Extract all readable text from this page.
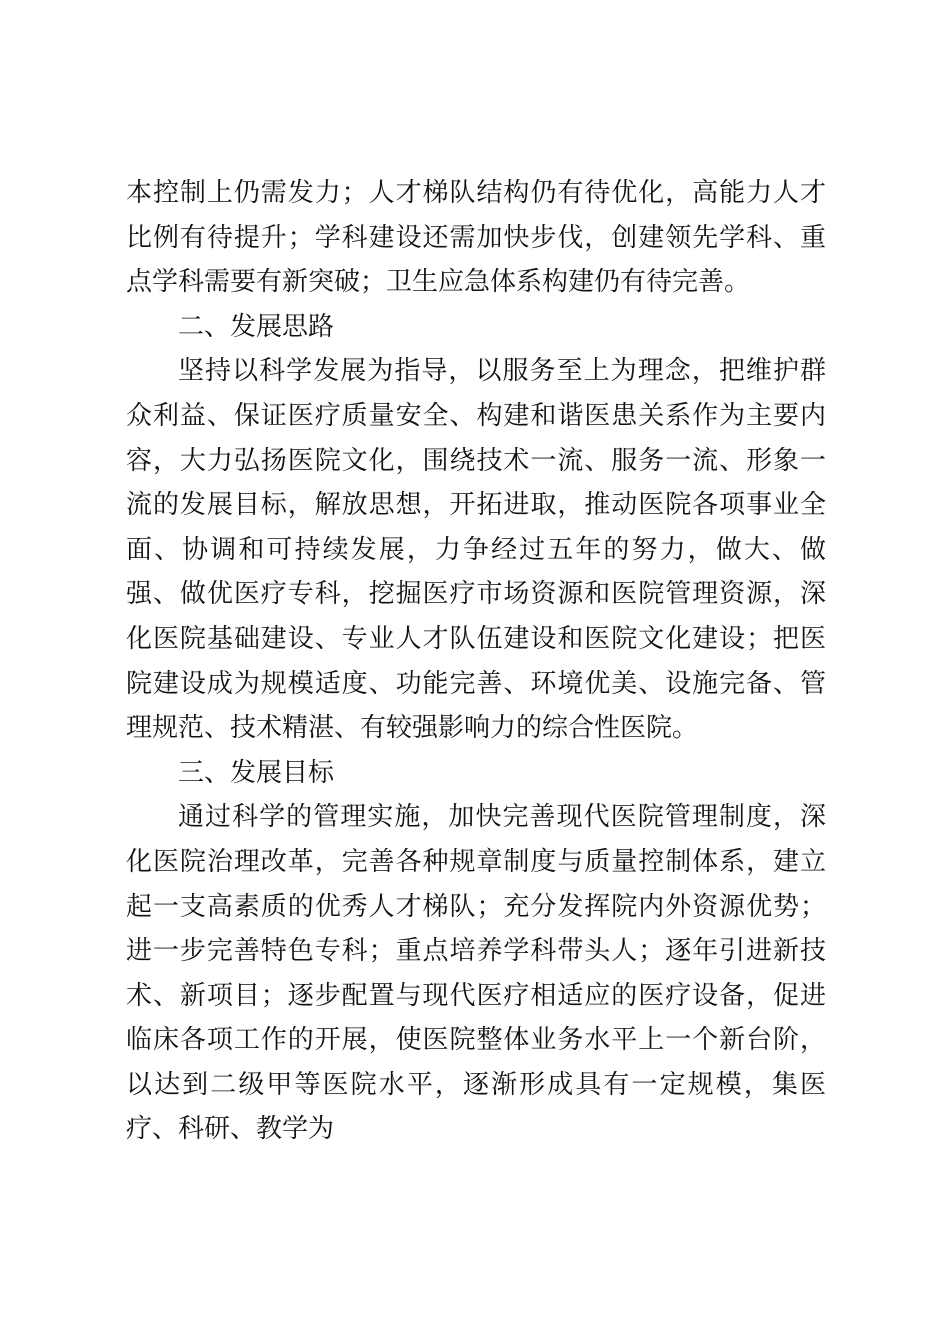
本控制上仍需发力；人才梯队结构仍有待优化，高能力人才比例有待提升；学科建设还需加快步伐，创建领先学科、重点学科需要有新突破；卫生应急体系构建仍有待完善。

二、发展思路

坚持以科学发展为指导，以服务至上为理念，把维护群众利益、保证医疗质量安全、构建和谐医患关系作为主要内容，大力弘扬医院文化，围绕技术一流、服务一流、形象一流的发展目标，解放思想，开拓进取，推动医院各项事业全面、协调和可持续发展，力争经过五年的努力，做大、做强、做优医疗专科，挖掘医疗市场资源和医院管理资源，深化医院基础建设、专业人才队伍建设和医院文化建设；把医院建设成为规模适度、功能完善、环境优美、设施完备、管理规范、技术精湛、有较强影响力的综合性医院。

三、发展目标

通过科学的管理实施，加快完善现代医院管理制度，深化医院治理改革，完善各种规章制度与质量控制体系，建立起一支高素质的优秀人才梯队；充分发挥院内外资源优势；进一步完善特色专科；重点培养学科带头人；逐年引进新技术、新项目；逐步配置与现代医疗相适应的医疗设备，促进临床各项工作的开展，使医院整体业务水平上一个新台阶，以达到二级甲等医院水平，逐渐形成具有一定规模，集医疗、科研、教学为
